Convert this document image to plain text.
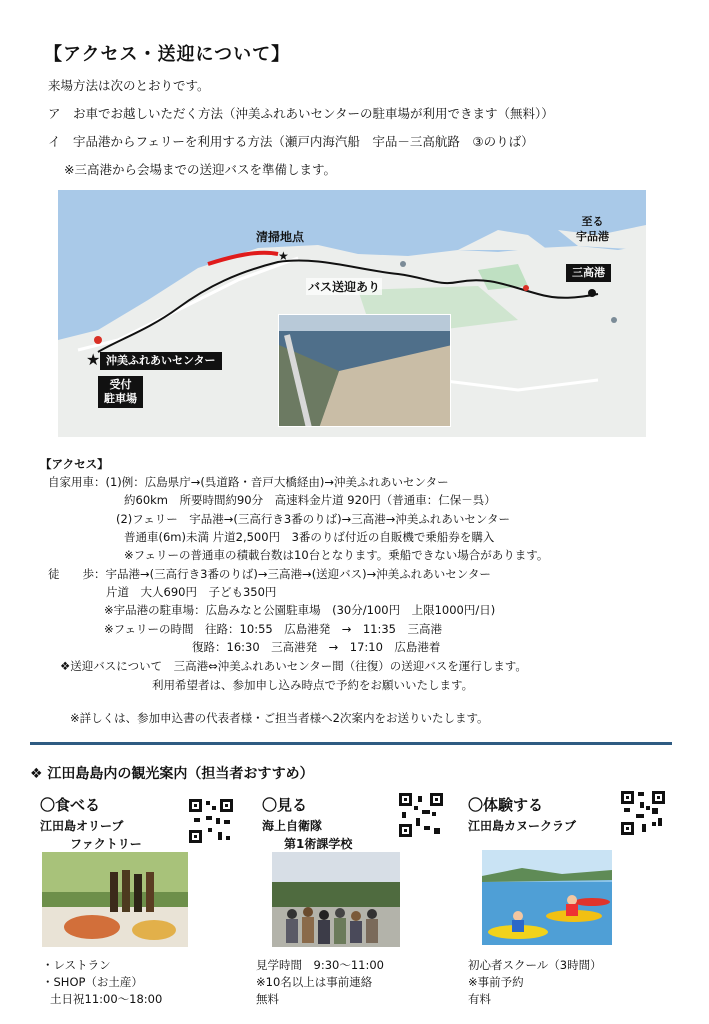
【アクセス・送迎について】
来場方法は次のとおりです。
ア　お車でお越しいただく方法（沖美ふれあいセンターの駐車場が利用できます（無料））
イ　宇品港からフェリーを利用する方法（瀬戸内海汽船　宇品－三高航路　③のりば）
※三高港から会場までの送迎バスを準備します。
★
★
清掃地点
バス送迎あり
至る
宇品港
三高港
沖美ふれあいセンター
受付
駐車場
【アクセス】
自家用車：(1)例：広島県庁→(呉道路・音戸大橋経由)→沖美ふれあいセンター
約60km　所要時間約90分　高速料金片道 920円（普通車：仁保－呉）
(2)フェリー　宇品港→(三高行き3番のりば)→三高港→沖美ふれあいセンター
普通車(6m)未満 片道2,500円　3番のりば付近の自販機で乗船券を購入
※フェリーの普通車の積載台数は10台となります。乗船できない場合があります。
徒　　歩：宇品港→(三高行き3番のりば)→三高港→(送迎バス)→沖美ふれあいセンター
片道　大人690円　子ども350円
※宇品港の駐車場：広島みなと公園駐車場　(30分/100円　上限1000円/日)
※フェリーの時間　往路：10:55　広島港発　→　11:35　三高港
復路：16:30　三高港発　→　17:10　広島港着
❖送迎バスについて　三高港⇔沖美ふれあいセンター間（往復）の送迎バスを運行します。
利用希望者は、参加申し込み時点で予約をお願いいたします。
※詳しくは、参加申込書の代表者様・ご担当者様へ2次案内をお送りいたします。
❖ 江田島島内の観光案内（担当者おすすめ）
〇食べる
江田島オリーブ
ファクトリー
・レストラン
・SHOP（お土産）
土日祝11:00～18:00
〇見る
海上自衛隊
第1術課学校
見学時間　9:30～11:00
※10名以上は事前連絡
無料
〇体験する
江田島カヌークラブ
初心者スクール（3時間）
※事前予約
有料
